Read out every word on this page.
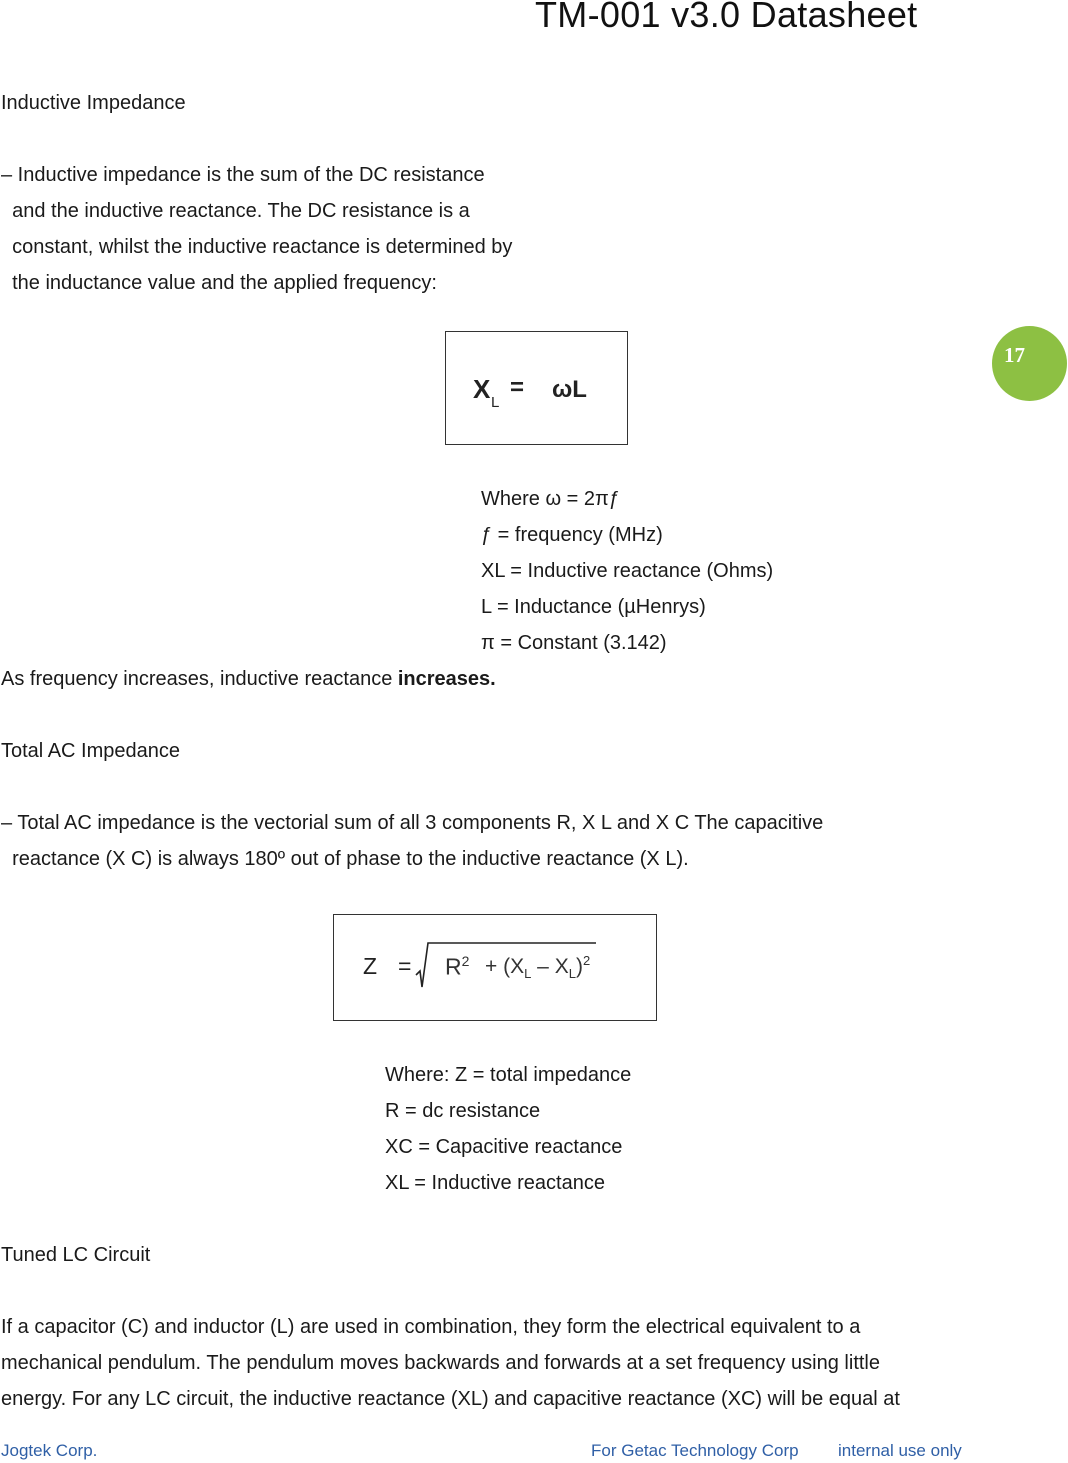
TM-001 v3.0 Datasheet
17
Inductive Impedance
– Inductive impedance is the sum of the DC resistance
and the inductive reactance. The DC resistance is a
constant, whilst the inductive reactance is determined by
the inductance value and the applied frequency:
X L
= ωL
Where ω = 2πƒ
ƒ = frequency (MHz)
XL = Inductive reactance (Ohms)
L = Inductance (µHenrys)
π = Constant (3.142)
As frequency increases, inductive reactance increases.
Total AC Impedance
– Total AC impedance is the vectorial sum of all 3 components R, X L and X C The capacitive
reactance (X C) is always 180º out of phase to the inductive reactance (X L).
$Z = R^2 + (X_L - X_L)^2$
Where: Z = total impedance
R = dc resistance
XC = Capacitive reactance
XL = Inductive reactance
Tuned LC Circuit
If a capacitor (C) and inductor (L) are used in combination, they form the electrical equivalent to a
mechanical pendulum. The pendulum moves backwards and forwards at a set frequency using little
energy. For any LC circuit, the inductive reactance (XL) and capacitive reactance (XC) will be equal at
Jogtek Corp.	For Getac Technology Corp internal use only
